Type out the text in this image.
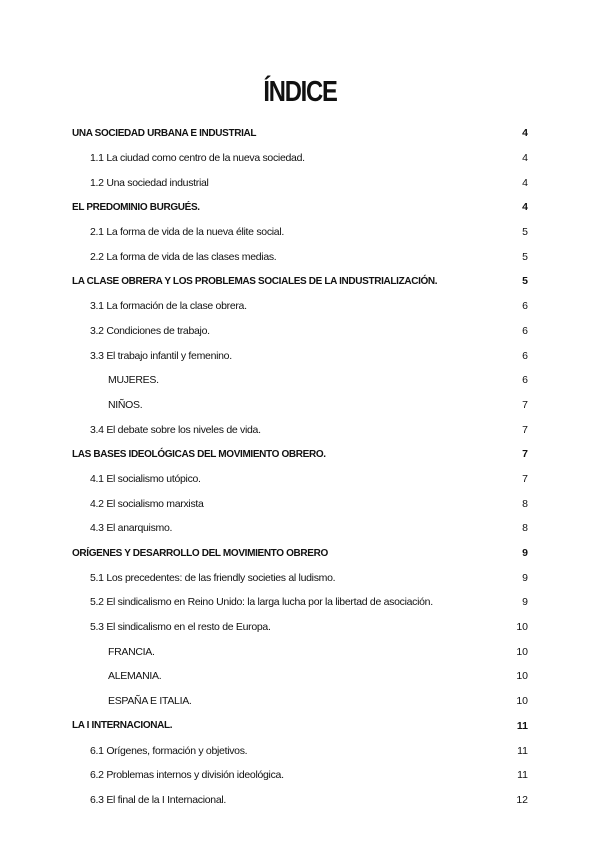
ÍNDICE
UNA SOCIEDAD URBANA E INDUSTRIAL	4
1.1 La ciudad como centro de la nueva sociedad.	4
1.2 Una sociedad industrial	4
EL PREDOMINIO BURGUÉS.	4
2.1 La forma de vida de la nueva élite social.	5
2.2 La forma de vida de las clases medias.	5
LA CLASE OBRERA Y LOS PROBLEMAS SOCIALES DE LA INDUSTRIALIZACIÓN.	5
3.1 La formación de la clase obrera.	6
3.2 Condiciones de trabajo.	6
3.3 El trabajo infantil y femenino.	6
MUJERES.	6
NIÑOS.	7
3.4 El debate sobre los niveles de vida.	7
LAS BASES IDEOLÓGICAS DEL MOVIMIENTO OBRERO.	7
4.1 El socialismo utópico.	7
4.2 El socialismo marxista	8
4.3 El anarquismo.	8
ORÍGENES Y DESARROLLO DEL MOVIMIENTO OBRERO	9
5.1 Los precedentes: de las friendly societies al ludismo.	9
5.2 El sindicalismo en Reino Unido: la larga lucha por la libertad de asociación.	9
5.3 El sindicalismo en el resto de Europa.	10
FRANCIA.	10
ALEMANIA.	10
ESPAÑA E ITALIA.	10
LA I INTERNACIONAL.	11
6.1 Orígenes, formación y objetivos.	11
6.2 Problemas internos y división ideológica.	11
6.3 El final de la I Internacional.	12
